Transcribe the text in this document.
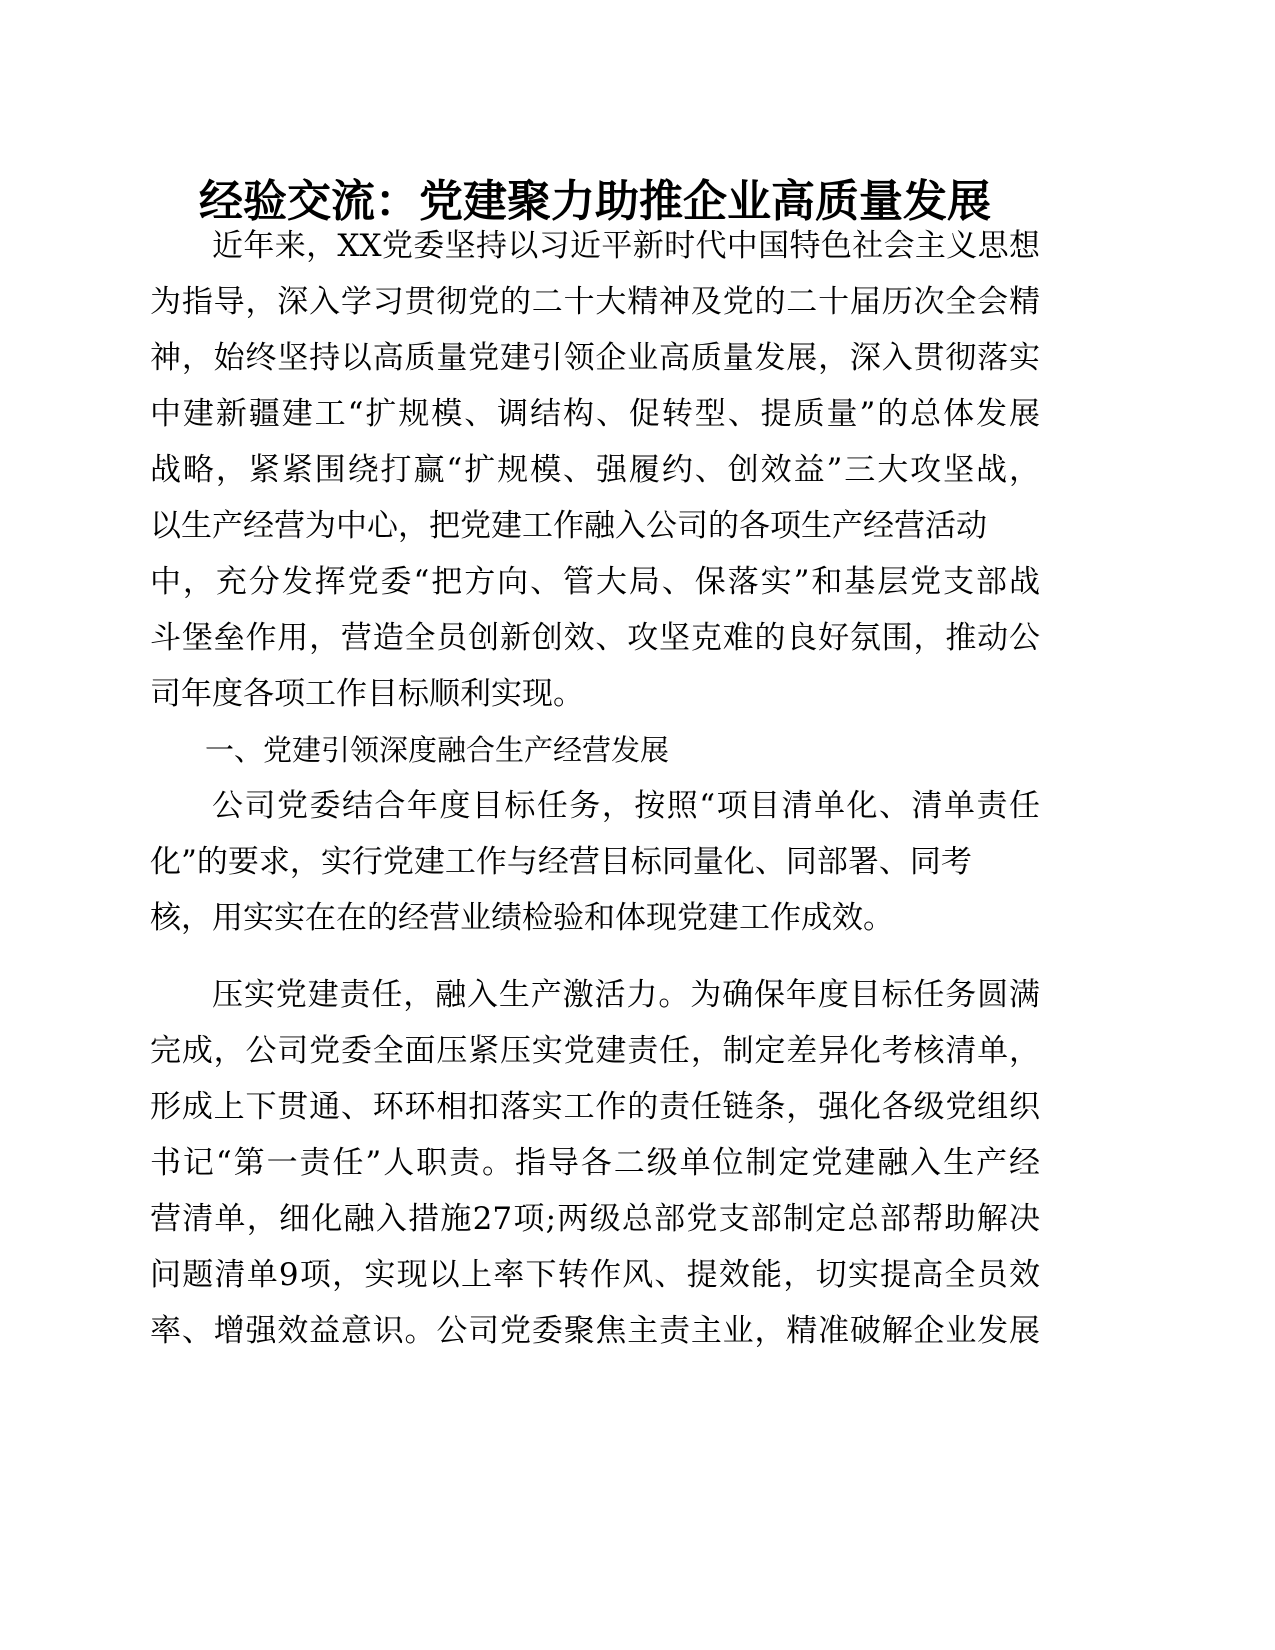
经验交流：党建聚力助推企业高质量发展

近年来，XX党委坚持以习近平新时代中国特色社会主义思想

为指导，深入学习贯彻党的二十大精神及党的二十届历次全会精

神，始终坚持以高质量党建引领企业高质量发展，深入贯彻落实

中建新疆建工“扩规模、调结构、促转型、提质量”的总体发展

战略，紧紧围绕打赢“扩规模、强履约、创效益”三大攻坚战，

以生产经营为中心，把党建工作融入公司的各项生产经营活动

中，充分发挥党委“把方向、管大局、保落实”和基层党支部战

斗堡垒作用，营造全员创新创效、攻坚克难的良好氛围，推动公

司年度各项工作目标顺利实现。

一、党建引领深度融合生产经营发展

公司党委结合年度目标任务，按照“项目清单化、清单责任

化”的要求，实行党建工作与经营目标同量化、同部署、同考

核，用实实在在的经营业绩检验和体现党建工作成效。

压实党建责任，融入生产激活力。为确保年度目标任务圆满

完成，公司党委全面压紧压实党建责任，制定差异化考核清单，

形成上下贯通、环环相扣落实工作的责任链条，强化各级党组织

书记“第一责任”人职责。指导各二级单位制定党建融入生产经

营清单，细化融入措施27项;两级总部党支部制定总部帮助解决

问题清单9项，实现以上率下转作风、提效能，切实提高全员效

率、增强效益意识。公司党委聚焦主责主业，精准破解企业发展
